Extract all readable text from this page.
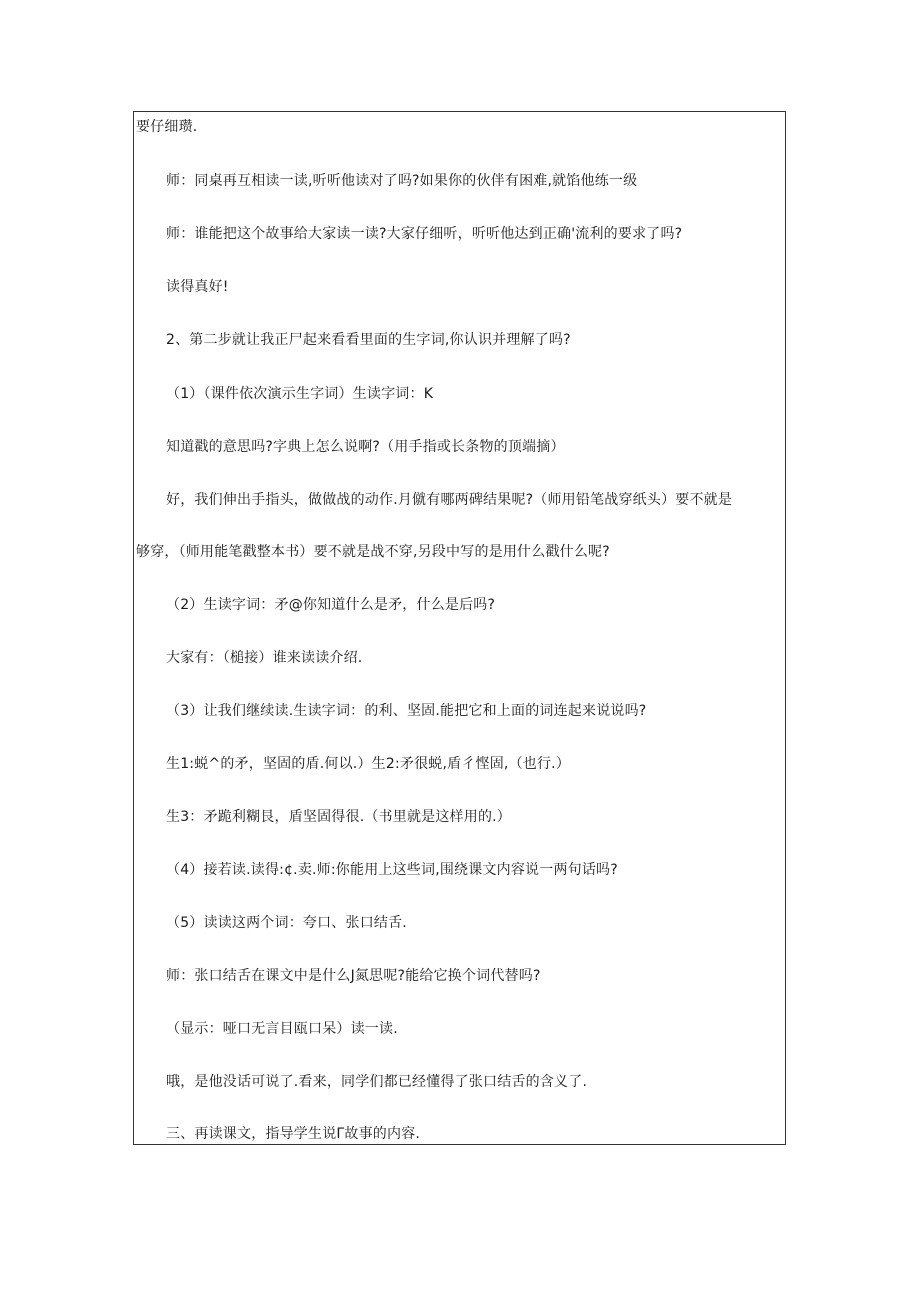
要仔细瓒.
师：同桌再互相读一读,听听他读对了吗?如果你的伙伴有困难,就馅他练一级
师：谁能把这个故事给大家读一读?大家仔细听，听听他达到正确'流利的要求了吗?
读得真好!
2、第二步就让我正尸起来看看里面的生字词,你认识并理解了吗?
（1）（课件依次演示生字词）生读字词：K
知道戳的意思吗?字典上怎么说啊?（用手指或长条物的顶端摘）
好，我们伸出手指头，做做战的动作.月僦有哪两碑结果呢?（师用铅笔战穿纸头）要不就是
够穿，（师用能笔戳整本书）要不就是战不穿,另段中写的是用什么戳什么呢?
（2）生读字词：矛@你知道什么是矛，什么是后吗?
大家有：（槌接）谁来读读介绍.
（3）让我们继续读.生读字词：的利、坚固.能把它和上面的词连起来说说吗?
生1:蜕^的矛，坚固的盾.何以.）生2:矛很蜕,盾彳悭固,（也行.）
生3：矛跪利糊艮，盾坚固得很.（书里就是这样用的.）
（4）接若读.读得:¢.卖.师:你能用上这些词,围绕课文内容说一两句话吗?
（5）读读这两个词：夸口、张口结舌.
师：张口结舌在课文中是什么J氮思呢?能给它换个词代替吗?
（显示：哑口无言目瓯口呆）读一读.
哦，是他没话可说了.看来，同学们都已经懂得了张口结舌的含义了.
三、再读课文，指导学生说Γ故事的内容.
